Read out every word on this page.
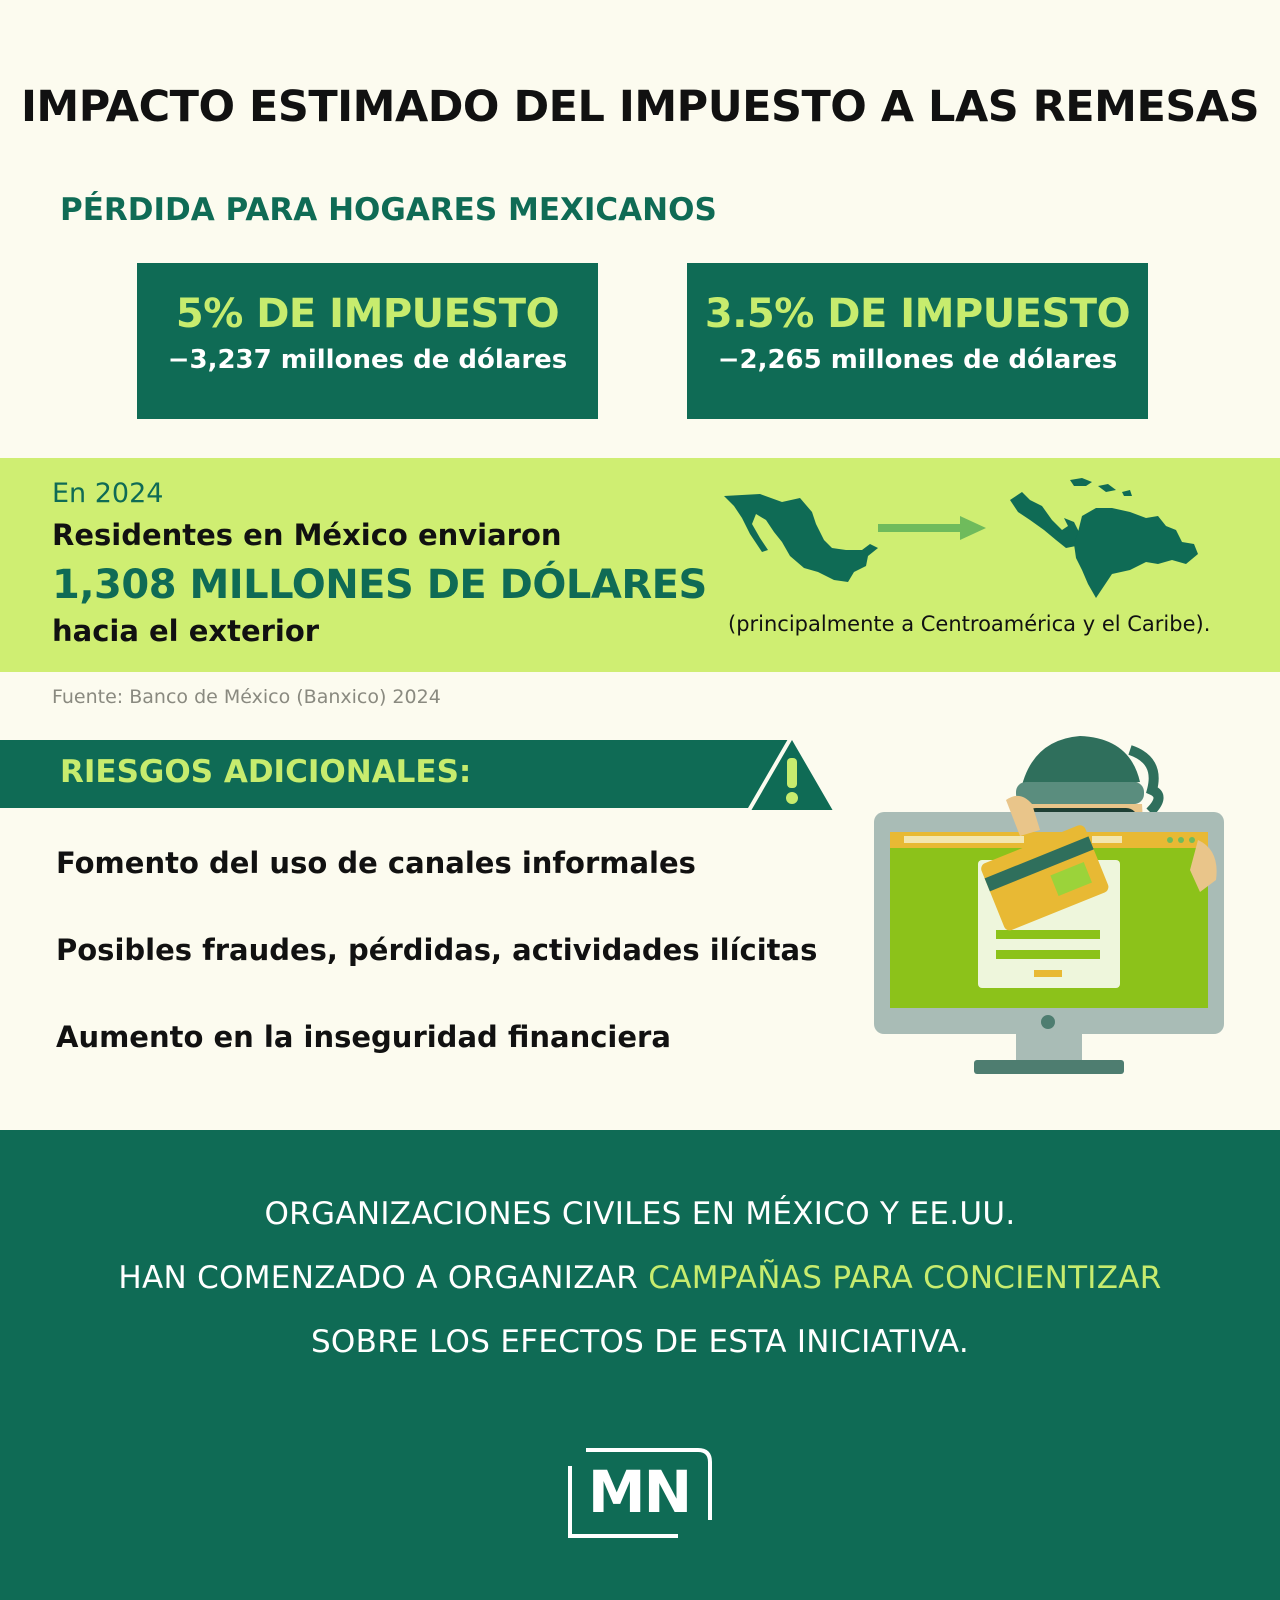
IMPACTO ESTIMADO DEL IMPUESTO A LAS REMESAS
PÉRDIDA PARA HOGARES MEXICANOS
5% DE IMPUESTO
−3,237 millones de dólares
3.5% DE IMPUESTO
−2,265 millones de dólares
En 2024
Residentes en México enviaron
1,308 MILLONES DE DÓLARES
hacia el exterior	(principalmente a Centroamérica y el Caribe).
Fuente: Banco de México (Banxico) 2024
RIESGOS ADICIONALES:
Fomento del uso de canales informales
Posibles fraudes, pérdidas, actividades ilícitas
Aumento en la inseguridad financiera
ORGANIZACIONES CIVILES EN MÉXICO Y EE.UU.
HAN COMENZADO A ORGANIZAR CAMPAÑAS PARA CONCIENTIZAR
SOBRE LOS EFECTOS DE ESTA INICIATIVA.
MN
